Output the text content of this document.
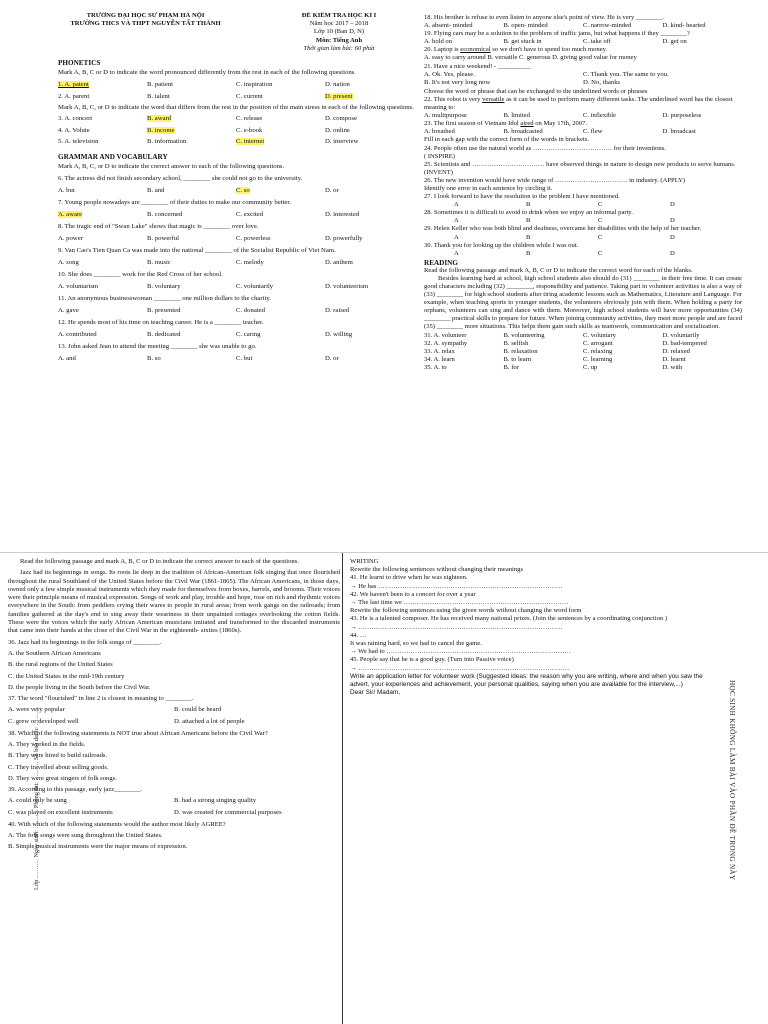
Lớp ……… Ngày sinh: ……… Phòng thi: ……… Số báo danh: ………	HỌC SINH KHÔNG LÀM BÀI VÀO PHẦN ĐỀ TRONG NÀY
TRƯỜNG ĐẠI HỌC SƯ PHẠM HÀ NỘI
TRƯỜNG THCS VÀ THPT NGUYỄN TẤT THÀNH
ĐỀ KIỂM TRA HỌC KÌ I
Năm học 2017 – 2018
Lớp 10 (Ban D, N)
Môn: Tiếng Anh
Thời gian làm bài: 60 phút
PHONETICS

Mark A, B, C or D to indicate the word pronounced differently from the rest in each of the following questions.

1. A. patent	B. patient	C. inspiration	D. nation
2. A. parent	B. talent	C. current	D. present

Mark A, B, C, or D to indicate the word that differs from the rest in the position of the main stress in each of the following questions.

3. A. concert	B. award	C. release	D. compose
4. A. Volute	B. income	C. e-book	D. online
5. A. television	B. information	C. internet	D. interview
GRAMMAR AND VOCABULARY

Mark A, B, C, or D to indicate the correct answer to each of the following questions.

6. The actress did not finish secondary school, ________ she could not go to the university.
A. but	B. and	C. so	D. or
7. Young people nowadays are ________ of their duties to make our community better.
A. aware	B. concerned	C. excited	D. interested
8. The tragic end of "Swan Lake" shows that magic is ________ over love.
A. power	B. powerful	C. powerless	D. powerfully
9. Van Cao's Tien Quan Ca was made into the national ________ of the Socialist Republic of Viet Nam.
A. song	B. music	C. melody	D. anthem
10. She does ________ work for the Red Cross of her school.
A. voluntarism	B. voluntary	C. voluntarily	D. volunteerism
11. An anonymous businesswoman ________ one million dollars to the charity.
A. gave	B. presented	C. donated	D. raised
12. He spends most of his time on teaching career. He is a ________ teacher.
A. contributed	B. dedicated	C. caring	D. willing
13. John asked Jean to attend the meeting ________ she was unable to go.
A. and	B. so	C. but	D. or
18. His brother is refuse to even listen to anyone else's point of view. He is very ________.
A. absent- minded	B. open- minded	C. narrow-minded	D. kind- hearted
19. Flying cars may be a solution to the problem of traffic jams, but what happens if they ________?
A. hold on	B. get stuck in	C. take off	D. get on
20. Laptop is economical so we don't have to spend too much money.
A. easy to carry around B. versatile C. generous D. giving good value for money
21. Have a nice weekend! - __________
A. Ok. Yes, please.	C. Thank you. The same to you.
B. It's not very long now	D. No, thanks
Choose the word or phrase that can be exchanged to the underlined words or phrases
22. This robot is very versatile as it can be used to perform many different tasks. The underlined word has the closest meaning to:
A. multipurpose	B. limited	C. inflexible	D. purposeless
23. The first season of Vietnam Idol aired on May 17th, 2007.
A. breathed	B. broadcasted	C. flew	D. broadcast
Fill in each gap with the correct form of the words in brackets.
24. People often use the natural world as ……………………………… for their inventions.
( INSPIRE)
25. Scientists and …………………………… have observed things in nature to design new products to serve humans. (INVENT)
26. The new invention would have wide range of …………………………… in industry. (APPLY)
Identify one error in each sentence by circling it.
27. I look forward to have the resolution to the problem I have mentioned.
A	B	C	D
28. Sometimes it is difficult to avoid to drink when we enjoy an informal party.
A	B	C	D
29. Helen Keller who was both blind and deafness, overcame her disabilities with the help of her teacher.
A	B	C	D
30. Thank you for looking up the children while I was out.
A	B	C	D
READING
Read the following passage and mark A, B, C or D to indicate the correct word for each of the blanks.
Besides learning hard at school, high school students also should do (31) ________ in their free time. It can create good characters including (32) ________, responsibility and patience. Taking part in volunteer activities is also a way of (33) ________ for high school students after tiring academic lessons such as Mathematics, Literature and Language. For example, when teaching sports to younger students, the volunteers obviously join with them. When holding a party for orphans, volunteers can sing and dance with them. Moreover, high school students will have more opportunities (34) ________ practical skills to prepare for future. When joining community activities, they meet more people and are faced (35) ________ more situations. This helps them gain such skills as teamwork, communication and socialization.
31. A. volunteer	B. volunteering	C. voluntary	D. voluntarily
32. A. sympathy	B. selfish	C. arrogant	D. bad-tempered
33. A. relax	B. relaxation	C. relaxing	D. relaxed
34. A. learn	B. to learn	C. learning	D. learnt
35. A. to	B. for	C. up	D. with
Read the following passage and mark A, B, C or D to indicate the correct answer to each of the questions.
Jazz had its beginnings in songs. Its roots lie deep in the tradition of African-American folk singing that once flourished throughout the rural Southland of the United States before the Civil War (1861-1865). The African Americans, in those days, owned only a few simple musical instruments which they made for themselves from boxes, barrels, and brooms. Their voices were their principle means of musical expression. Songs of work and play, trouble and hope, rose on rich and rhythmic voices everywhere in the South: from peddlers crying their wares to people in rural areas; from work gangs on the railroads; from families gathered at the day's end to sing away their weariness in their unpainted cottages overlooking the cotton fields. These were the voices which the early African American musicians imitated and transformed to the discarded instruments that came into their hands at the close of the Civil War in the eighteenth- sixties (1860s).
36. Jazz had its beginnings in the folk songs of ________.
A. the Southern African Americans
B. the rural regions of the United States
C. the United States in the mid-19th century
D. the people living in the South before the Civil War.
37. The word "flourished" in line 2 is closest in meaning to ________.
A. were very popular	B. could be heard
C. grew or developed well	D. attached a lot of people
38. Which of the following statements is NOT true about African Americans before the Civil War?
A. They worked in the fields.
B. They were hired to build railroads.
C. They travelled about selling goods.
D. They were great singers of folk songs.
39. According to this passage, early jazz________.
A. could only be sung	B. had a strong singing quality
C. was played on excellent instruments	D. was created for commercial purposes
40. With which of the following statements would the author most likely AGREE?
A. The folk songs were sung throughout the United States.
B. Simple musical instruments were the major means of expression.
WRITING
Rewrite the following sentences without changing their meanings
41. He learnt to drive when he was eighteen.
→ He has …………………………………………………………………………
42. We haven't been to a concert for over a year
→ The last time we …………………………………………………………………
Rewrite the following sentences using the given words without changing the word form
43. He is a talented composer. He has received many national prizes. (Join the sentences by a coordinating conjunction )
→ …………………………………………………………………………………
44. …
It was raining hard, so we had to cancel the game.
→ We had to …………………………………………………………………………
45. People say that he is a good guy. (Turn into Passive voice)
→ ……………………………………………………………………………………
Write an application letter for volunteer work (Suggested ideas: the reason why you are writing, where and when you saw the advert, your experiences and achievement, your personal qualities, saying when you are available for the interview,...)
Dear Sir/ Madam,
